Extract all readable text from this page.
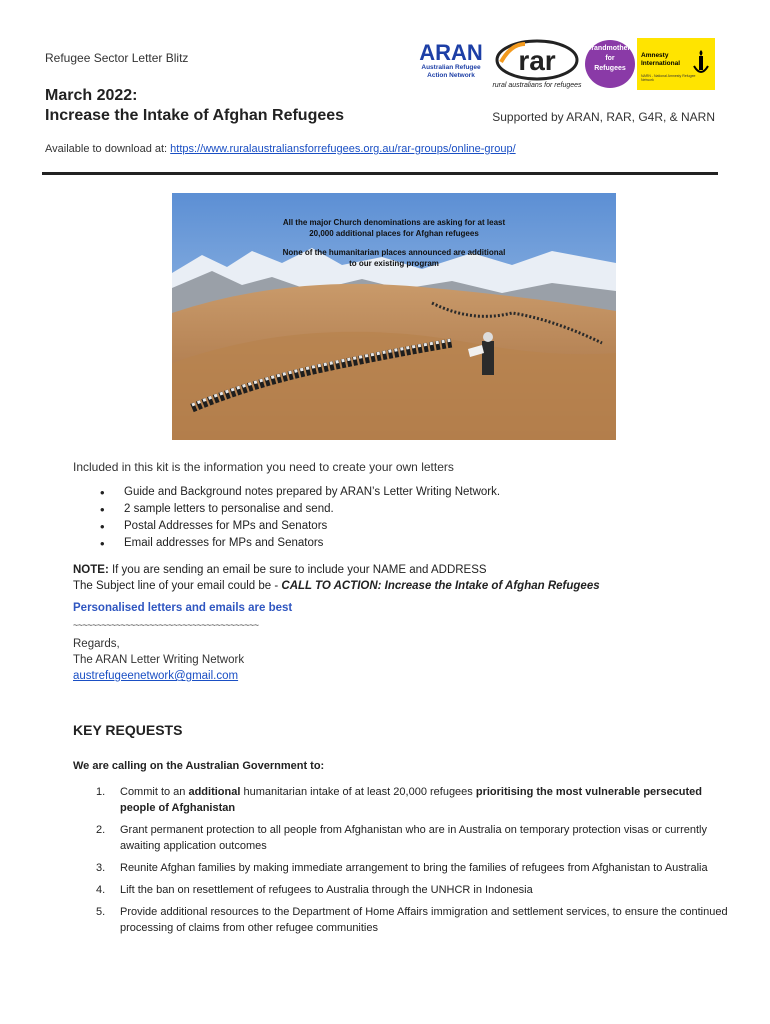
Refugee Sector Letter Blitz	ARAN
Australian Refugee
Action Network	rar
rural australians for refugees
Grandmothers
for
Refugees
Amnesty
International
NARN - National Amnesty Refugee Network
March 2022:
Increase the Intake of Afghan Refugees	Supported by ARAN, RAR, G4R, & NARN
Available to download at: https://www.ruralaustraliansforrefugees.org.au/rar-groups/online-group/
All the major Church denominations are asking for at least
20,000 additional places for Afghan refugees
None of the humanitarian places announced are additional
to our existing program
Included in this kit is the information you need to create your own letters
• Guide and Background notes prepared by ARAN’s Letter Writing Network.
• 2 sample letters to personalise and send.
• Postal Addresses for MPs and Senators
• Email addresses for MPs and Senators
NOTE: If you are sending an email be sure to include your NAME and ADDRESS
The Subject line of your email could be - CALL TO ACTION: Increase the Intake of Afghan Refugees
Personalised letters and emails are best
~~~~~~~~~~~~~~~~~~~~~~~~~~~~~~~~~~~~~~~
Regards,
The ARAN Letter Writing Network
austrefugeenetwork@gmail.com
KEY REQUESTS
We are calling on the Australian Government to:
1. Commit to an additional humanitarian intake of at least 20,000 refugees prioritising the most vulnerable persecuted people of Afghanistan
2. Grant permanent protection to all people from Afghanistan who are in Australia on temporary protection visas or currently awaiting application outcomes
3. Reunite Afghan families by making immediate arrangement to bring the families of refugees from Afghanistan to Australia
4. Lift the ban on resettlement of refugees to Australia through the UNHCR in Indonesia
5. Provide additional resources to the Department of Home Affairs immigration and settlement services, to ensure the continued processing of claims from other refugee communities
